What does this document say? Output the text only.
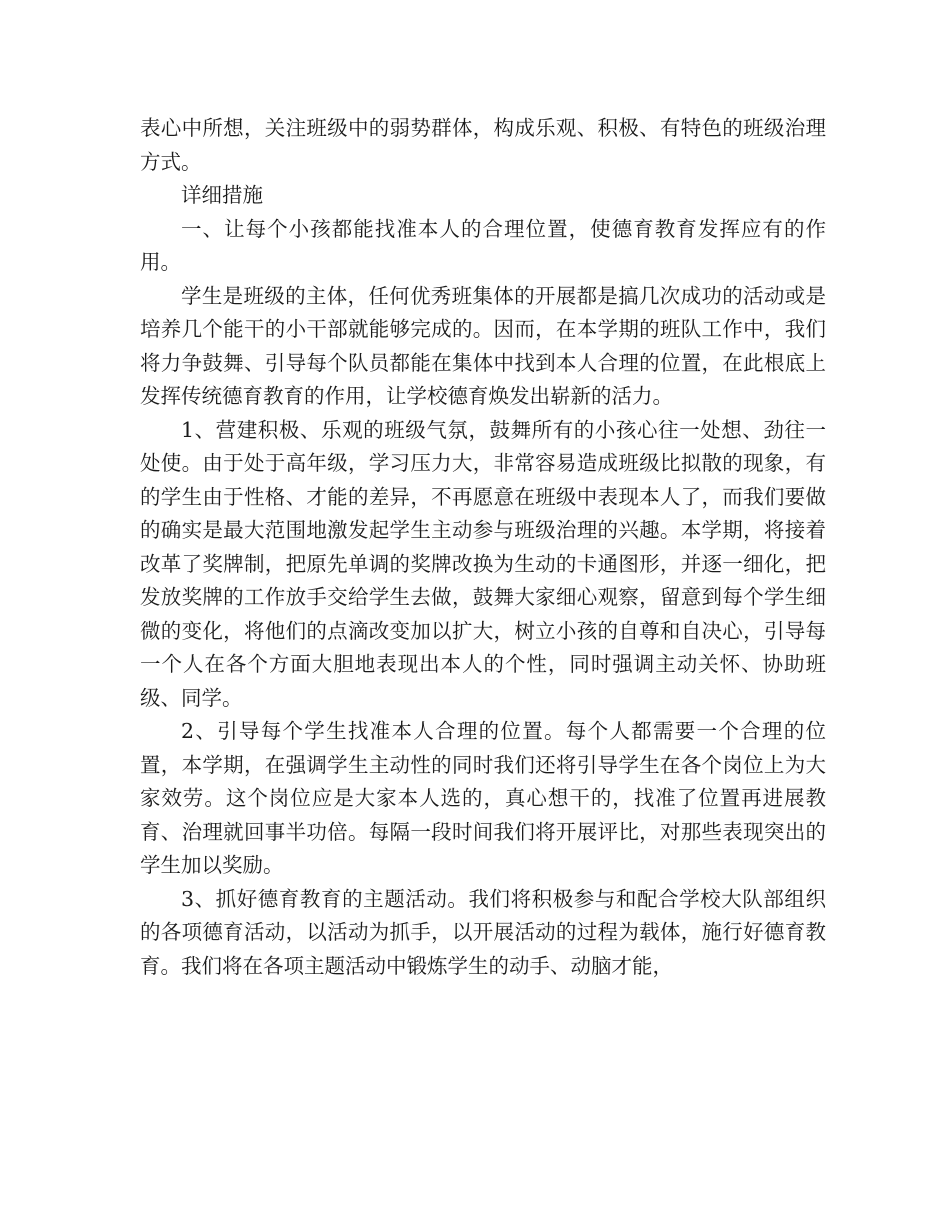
表心中所想，关注班级中的弱势群体，构成乐观、积极、有特色的班级治理方式。

详细措施

一、让每个小孩都能找准本人的合理位置，使德育教育发挥应有的作用。

学生是班级的主体，任何优秀班集体的开展都是搞几次成功的活动或是培养几个能干的小干部就能够完成的。因而，在本学期的班队工作中，我们将力争鼓舞、引导每个队员都能在集体中找到本人合理的位置，在此根底上发挥传统德育教育的作用，让学校德育焕发出崭新的活力。

1、营建积极、乐观的班级气氛，鼓舞所有的小孩心往一处想、劲往一处使。由于处于高年级，学习压力大，非常容易造成班级比拟散的现象，有的学生由于性格、才能的差异，不再愿意在班级中表现本人了，而我们要做的确实是最大范围地激发起学生主动参与班级治理的兴趣。本学期，将接着改革了奖牌制，把原先单调的奖牌改换为生动的卡通图形，并逐一细化，把发放奖牌的工作放手交给学生去做，鼓舞大家细心观察，留意到每个学生细微的变化，将他们的点滴改变加以扩大，树立小孩的自尊和自决心，引导每一个人在各个方面大胆地表现出本人的个性，同时强调主动关怀、协助班级、同学。

2、引导每个学生找准本人合理的位置。每个人都需要一个合理的位置，本学期，在强调学生主动性的同时我们还将引导学生在各个岗位上为大家效劳。这个岗位应是大家本人选的，真心想干的，找准了位置再进展教育、治理就回事半功倍。每隔一段时间我们将开展评比，对那些表现突出的学生加以奖励。

3、抓好德育教育的主题活动。我们将积极参与和配合学校大队部组织的各项德育活动，以活动为抓手，以开展活动的过程为载体，施行好德育教育。我们将在各项主题活动中锻炼学生的动手、动脑才能，
